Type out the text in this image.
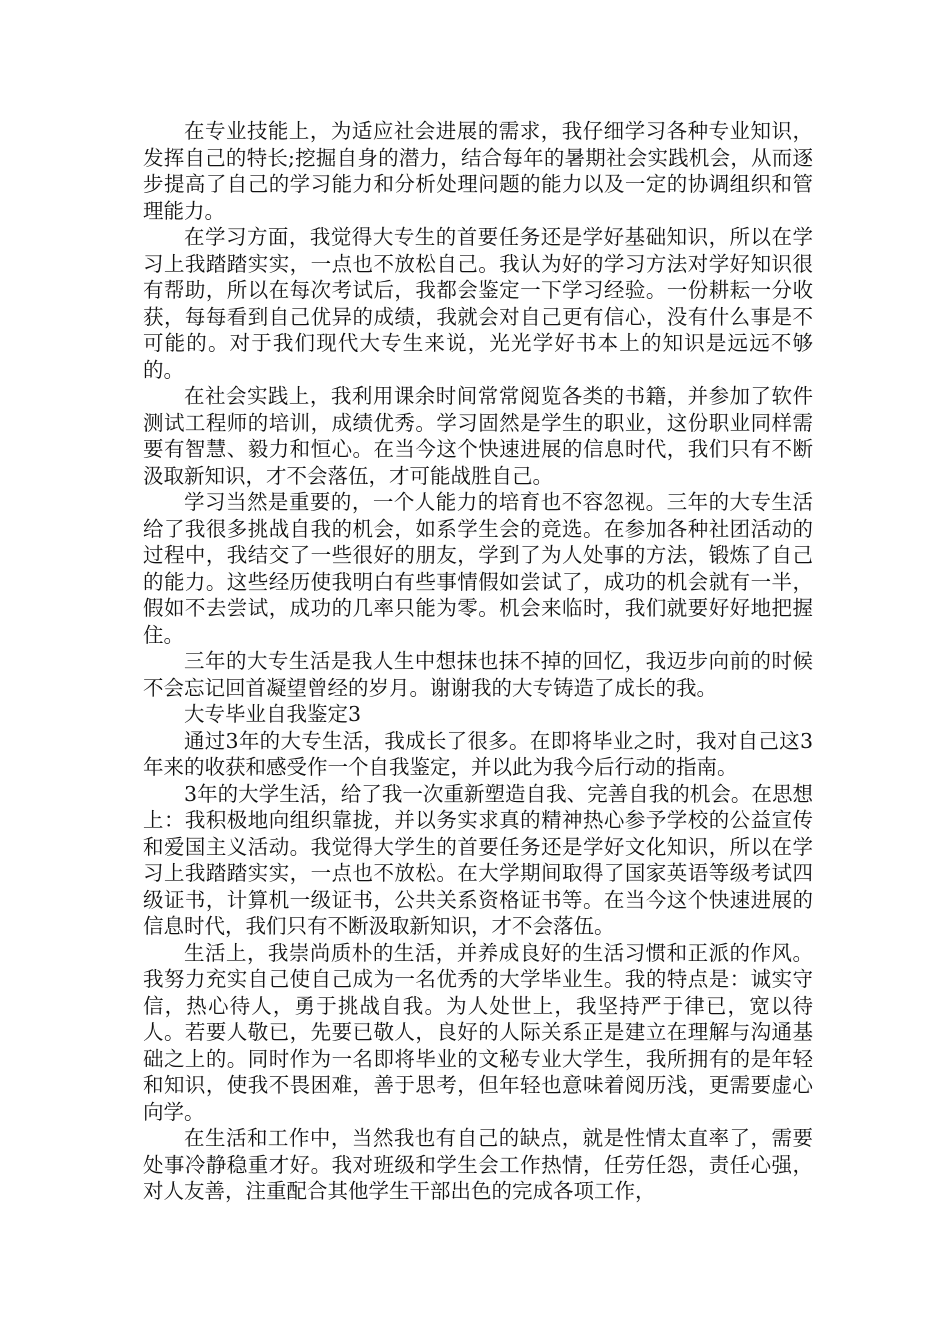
在专业技能上，为适应社会进展的需求，我仔细学习各种专业知识，发挥自己的特长;挖掘自身的潜力，结合每年的暑期社会实践机会，从而逐步提高了自己的学习能力和分析处理问题的能力以及一定的协调组织和管理能力。

在学习方面，我觉得大专生的首要任务还是学好基础知识，所以在学习上我踏踏实实，一点也不放松自己。我认为好的学习方法对学好知识很有帮助，所以在每次考试后，我都会鉴定一下学习经验。一份耕耘一分收获，每每看到自己优异的成绩，我就会对自己更有信心，没有什么事是不可能的。对于我们现代大专生来说，光光学好书本上的知识是远远不够的。

在社会实践上，我利用课余时间常常阅览各类的书籍，并参加了软件测试工程师的培训，成绩优秀。学习固然是学生的职业，这份职业同样需要有智慧、毅力和恒心。在当今这个快速进展的信息时代，我们只有不断汲取新知识，才不会落伍，才可能战胜自己。

学习当然是重要的，一个人能力的培育也不容忽视。三年的大专生活给了我很多挑战自我的机会，如系学生会的竞选。在参加各种社团活动的过程中，我结交了一些很好的朋友，学到了为人处事的方法，锻炼了自己的能力。这些经历使我明白有些事情假如尝试了，成功的机会就有一半，假如不去尝试，成功的几率只能为零。机会来临时，我们就要好好地把握住。

三年的大专生活是我人生中想抹也抹不掉的回忆，我迈步向前的时候不会忘记回首凝望曾经的岁月。谢谢我的大专铸造了成长的我。

大专毕业自我鉴定3

通过3年的大专生活，我成长了很多。在即将毕业之时，我对自己这3年来的收获和感受作一个自我鉴定，并以此为我今后行动的指南。

3年的大学生活，给了我一次重新塑造自我、完善自我的机会。在思想上：我积极地向组织靠拢，并以务实求真的精神热心参予学校的公益宣传和爱国主义活动。我觉得大学生的首要任务还是学好文化知识，所以在学习上我踏踏实实，一点也不放松。在大学期间取得了国家英语等级考试四级证书，计算机一级证书，公共关系资格证书等。在当今这个快速进展的信息时代，我们只有不断汲取新知识，才不会落伍。

生活上，我崇尚质朴的生活，并养成良好的生活习惯和正派的作风。我努力充实自己使自己成为一名优秀的大学毕业生。我的特点是：诚实守信，热心待人，勇于挑战自我。为人处世上，我坚持严于律已，宽以待人。若要人敬已，先要已敬人，良好的人际关系正是建立在理解与沟通基础之上的。同时作为一名即将毕业的文秘专业大学生，我所拥有的是年轻和知识，使我不畏困难，善于思考，但年轻也意味着阅历浅，更需要虚心向学。

在生活和工作中，当然我也有自己的缺点，就是性情太直率了，需要处事冷静稳重才好。我对班级和学生会工作热情，任劳任怨，责任心强，对人友善，注重配合其他学生干部出色的完成各项工作，
